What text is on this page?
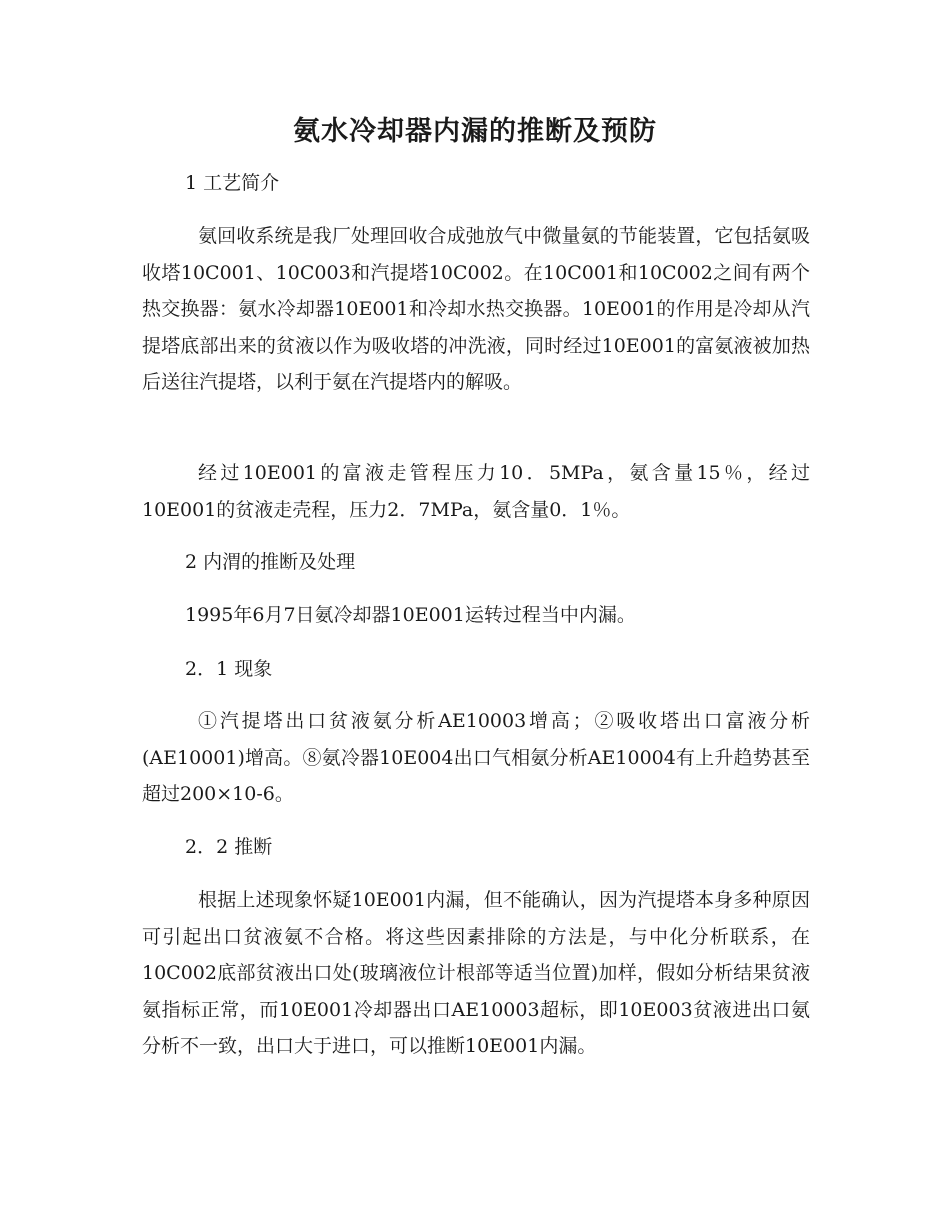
氨水冷却器内漏的推断及预防

1 工艺简介

氨回收系统是我厂处理回收合成弛放气中微量氨的节能装置，它包括氨吸收塔10C001、10C003和汽提塔10C002。在10C001和10C002之间有两个热交换器：氨水冷却器10E001和冷却水热交换器。10E001的作用是冷却从汽提塔底部出来的贫液以作为吸收塔的冲洗液，同时经过10E001的富氨液被加热后送往汽提塔，以利于氨在汽提塔内的解吸。

经过10E001的富液走管程压力10．5MPa，氨含量15％，经过10E001的贫液走壳程，压力2．7MPa，氨含量0．1％。

2 内渭的推断及处理

1995年6月7日氨冷却器10E001运转过程当中内漏。

2．1 现象

①汽提塔出口贫液氨分析AE10003增高；②吸收塔出口富液分析(AE10001)增高。⑧氨冷器10E004出口气相氨分析AE10004有上升趋势甚至超过200×10-6。

2．2 推断

根据上述现象怀疑10E001内漏，但不能确认，因为汽提塔本身多种原因可引起出口贫液氨不合格。将这些因素排除的方法是，与中化分析联系，在10C002底部贫液出口处(玻璃液位计根部等适当位置)加样，假如分析结果贫液氨指标正常，而10E001冷却器出口AE10003超标，即10E003贫液进出口氨分析不一致，出口大于进口，可以推断10E001内漏。
